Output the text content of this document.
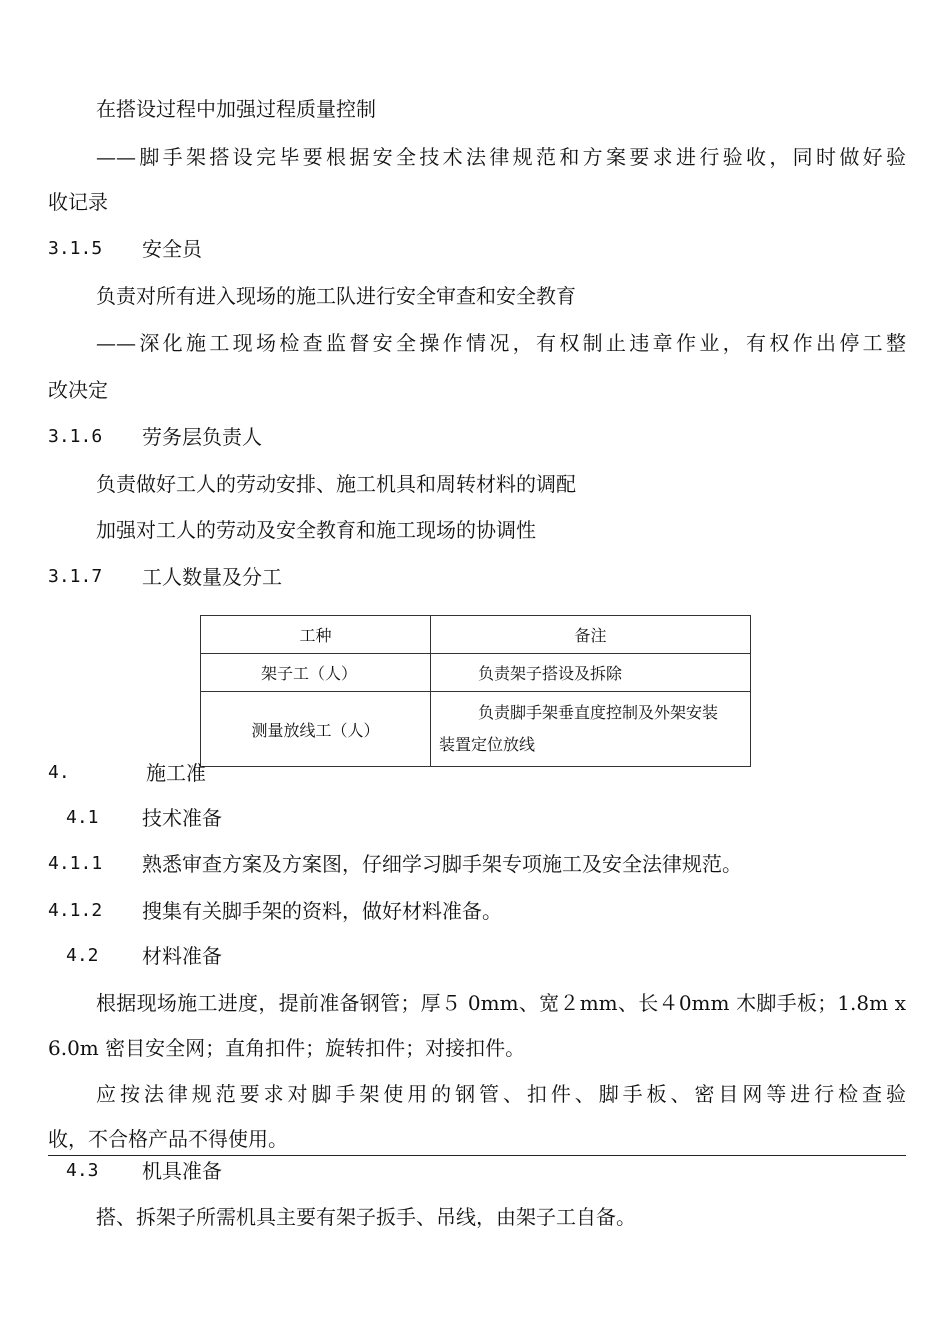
在搭设过程中加强过程质量控制
——脚手架搭设完毕要根据安全技术法律规范和方案要求进行验收，同时做好验
收记录
3.1.5 安全员
负责对所有进入现场的施工队进行安全审查和安全教育
——深化施工现场检查监督安全操作情况，有权制止违章作业，有权作出停工整
改决定
3.1.6 劳务层负责人
负责做好工人的劳动安排、施工机具和周转材料的调配
加强对工人的劳动及安全教育和施工现场的协调性
3.1.7 工人数量及分工
工种	备注
架子工（人）	负责架子搭设及拆除
测量放线工（人）	负责脚手架垂直度控制及外架安装
装置定位放线
4.	施工准
4.1 技术准备
4.1.1 熟悉审查方案及方案图，仔细学习脚手架专项施工及安全法律规范。
4.1.2 搜集有关脚手架的资料，做好材料准备。
4.2 材料准备
根据现场施工进度，提前准备钢管；厚５ 0mm、宽２mm、长４0mm 木脚手板；1.8m x
6.0m 密目安全网；直角扣件；旋转扣件；对接扣件。
应按法律规范要求对脚手架使用的钢管、扣件、脚手板、密目网等进行检查验
收，不合格产品不得使用。
4.3 机具准备
搭、拆架子所需机具主要有架子扳手、吊线，由架子工自备。
